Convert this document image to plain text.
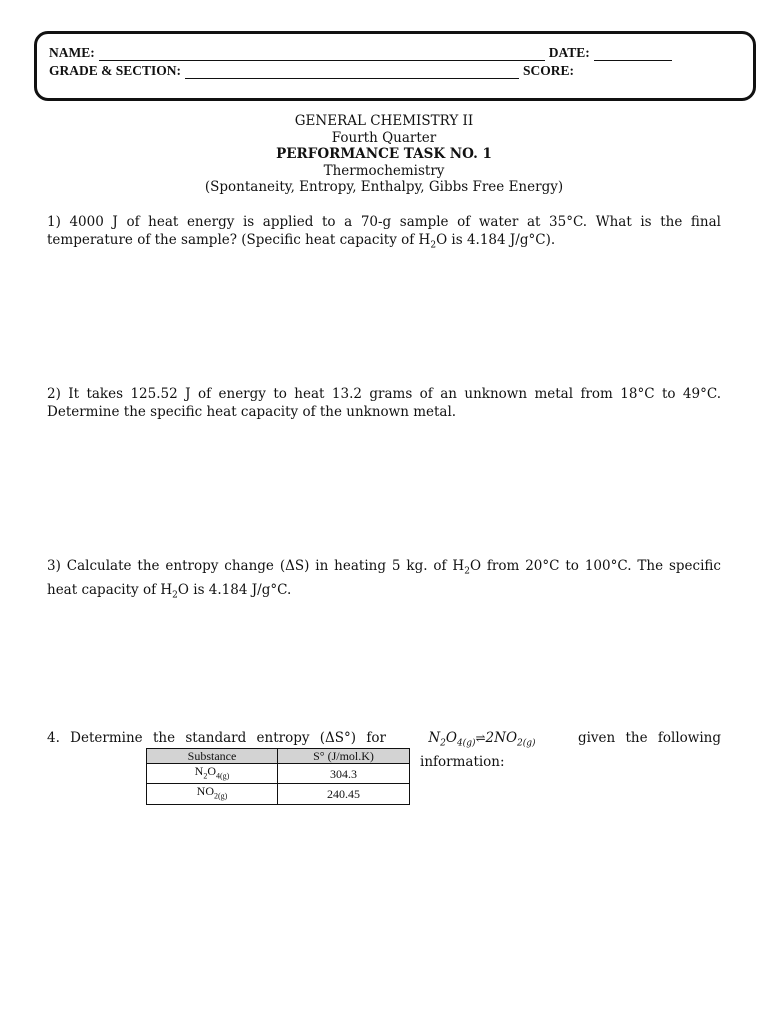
NAME:	DATE:
GRADE & SECTION:	SCORE:
GENERAL CHEMISTRY II
Fourth Quarter
PERFORMANCE TASK NO. 1
Thermochemistry
(Spontaneity, Entropy, Enthalpy, Gibbs Free Energy)
1) 4000 J of heat energy is applied to a 70-g sample of water at 35°C. What is the final temperature of the sample? (Specific heat capacity of $H_2O$ is 4.184 J/g°C).
2) It takes 125.52 J of energy to heat 13.2 grams of an unknown metal from 18°C to 49°C. Determine the specific heat capacity of the unknown metal.
3) Calculate the entropy change (ΔS) in heating 5 kg. of $H_2O$ from 20°C to 100°C. The specific heat capacity of $H_2O$ is 4.184 J/g°C.
4. Determine the standard entropy (ΔS°) for	$N_2O_{4(g)}\rightleftharpoons 2NO_{2(g)}$	given the following
information:
Substance	S° (J/mol.K)
$N_2O_{4(g)}$	304.3
$NO_{2(g)}$	240.45
